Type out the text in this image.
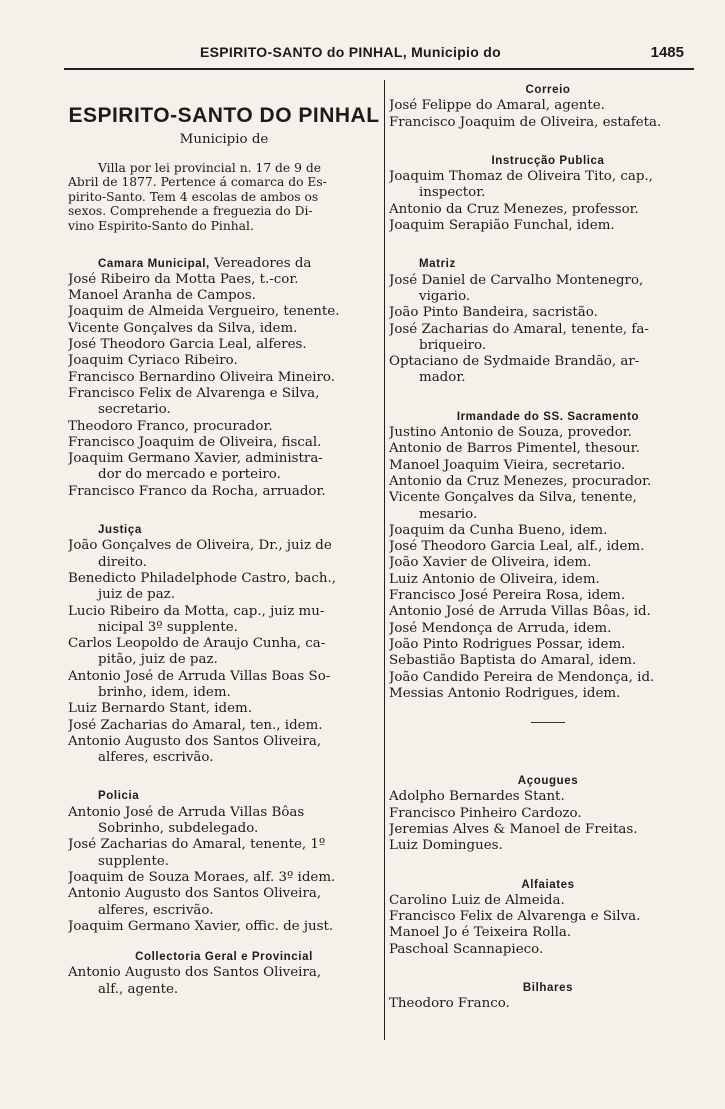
ESPIRITO-SANTO do PINHAL, Municipio do	1485
ESPIRITO-SANTO DO PINHAL
Municipio de
Villa por lei provincial n. 17 de 9 de
Abril de 1877. Pertence á comarca do Es-
pirito-Santo. Tem 4 escolas de ambos os
sexos. Comprehende a freguezia do Di-
vino Espirito-Santo do Pinhal.
Camara Municipal, Vereadores da
José Ribeiro da Motta Paes, t.-cor.
Manoel Aranha de Campos.
Joaquim de Almeida Vergueiro, tenente.
Vicente Gonçalves da Silva, idem.
José Theodoro Garcia Leal, alferes.
Joaquim Cyriaco Ribeiro.
Francisco Bernardino Oliveira Mineiro.
Francisco Felix de Alvarenga e Silva,
secretario.
Theodoro Franco, procurador.
Francisco Joaquim de Oliveira, fiscal.
Joaquim Germano Xavier, administra-
dor do mercado e porteiro.
Francisco Franco da Rocha, arruador.
Justiça
João Gonçalves de Oliveira, Dr., juiz de
direito.
Benedicto Philadelphode Castro, bach.,
juiz de paz.
Lucio Ribeiro da Motta, cap., juiz mu-
nicipal 3º supplente.
Carlos Leopoldo de Araujo Cunha, ca-
pitão, juiz de paz.
Antonio José de Arruda Villas Boas So-
brinho, idem, idem.
Luiz Bernardo Stant, idem.
José Zacharias do Amaral, ten., idem.
Antonio Augusto dos Santos Oliveira,
alferes, escrivão.
Policia
Antonio José de Arruda Villas Bôas
Sobrinho, subdelegado.
José Zacharias do Amaral, tenente, 1º
supplente.
Joaquim de Souza Moraes, alf. 3º idem.
Antonio Augusto dos Santos Oliveira,
alferes, escrivão.
Joaquim Germano Xavier, offic. de just.
Collectoria Geral e Provincial
Antonio Augusto dos Santos Oliveira,
alf., agente.
Correio
José Felippe do Amaral, agente.
Francisco Joaquim de Oliveira, estafeta.
Instrucção Publica
Joaquim Thomaz de Oliveira Tito, cap.,
inspector.
Antonio da Cruz Menezes, professor.
Joaquim Serapião Funchal, idem.
Matriz
José Daniel de Carvalho Montenegro,
vigario.
João Pinto Bandeira, sacristão.
José Zacharias do Amaral, tenente, fa-
briqueiro.
Optaciano de Sydmaide Brandão, ar-
mador.
Irmandade do SS. Sacramento
Justino Antonio de Souza, provedor.
Antonio de Barros Pimentel, thesour.
Manoel Joaquim Vieira, secretario.
Antonio da Cruz Menezes, procurador.
Vicente Gonçalves da Silva, tenente,
mesario.
Joaquim da Cunha Bueno, idem.
José Theodoro Garcia Leal, alf., idem.
João Xavier de Oliveira, idem.
Luiz Antonio de Oliveira, idem.
Francisco José Pereira Rosa, idem.
Antonio José de Arruda Villas Bôas, id.
José Mendonça de Arruda, idem.
João Pinto Rodrigues Possar, idem.
Sebastião Baptista do Amaral, idem.
João Candido Pereira de Mendonça, id.
Messias Antonio Rodrigues, idem.
Açougues
Adolpho Bernardes Stant.
Francisco Pinheiro Cardozo.
Jeremias Alves & Manoel de Freitas.
Luiz Domingues.
Alfaiates
Carolino Luiz de Almeida.
Francisco Felix de Alvarenga e Silva.
Manoel Jo é Teixeira Rolla.
Paschoal Scannapieco.
Bilhares
Theodoro Franco.
